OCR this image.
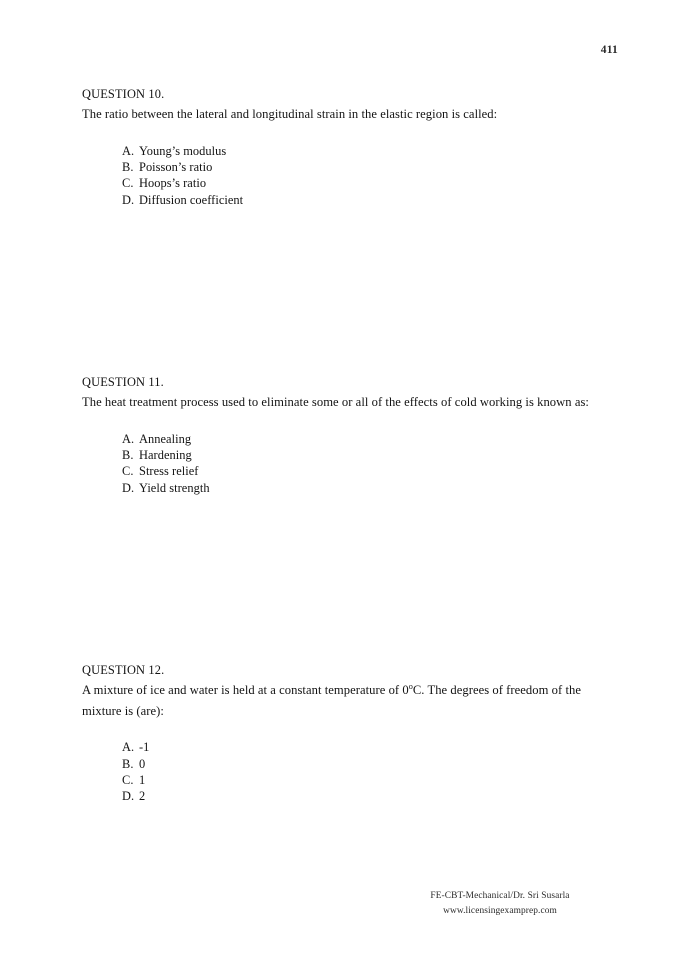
411
QUESTION 10.
The ratio between the lateral and longitudinal strain in the elastic region is called:
A. Young’s modulus
B. Poisson’s ratio
C. Hoops’s ratio
D. Diffusion coefficient
QUESTION 11.
The heat treatment process used to eliminate some or all of the effects of cold working is known as:
A. Annealing
B. Hardening
C. Stress relief
D. Yield strength
QUESTION 12.
A mixture of ice and water is held at a constant temperature of 0$^o$C. The degrees of freedom of the mixture is (are):
A. -1
B. 0
C. 1
D. 2
FE-CBT-Mechanical/Dr. Sri Susarla
www.licensingexamprep.com
